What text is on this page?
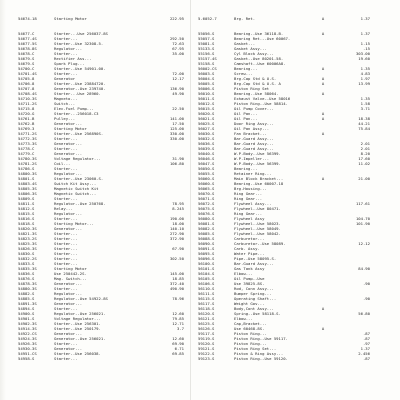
54674-18	Starting Motor	222.95

54677-C	Starter...Use 256037-8S
54677-4S	Starter...	292.50
54677-5S	Starter--Use 32308-5.	72.63
54678-8S	Regulator...	67.95
54678-C	Starter...	35.00
54679-S	Rectifier Ass...
54679-S	Spark Plug...
54700-C	Starter--Use 54901-00.
54701-4S	Starter...	72.00
54705-8	Generator	12.17
54706-8	Starter--Use 23884720.
54707-8	Generator--Use 239740.	136.90
54708-4S	Starter...Use 28960.	49.90
54710-3S	Magneto...
54711-2S	Switch...
54715-8	Elec.Fuel Pump...	22.50
54720-G	Starter...256018-C3
54761-B	Pulley...	141.00
54762-B	Generator...	17.50
54769-3	Starting Motor	125.00
54771-2S	Starter--Use 256890S.	330.00
54772-3S	Starter...	330.00
54773-3S	Generator...
54778-C	Starter...
54779-C	Generator...
54780-3S	Voltage Regulator...	31.90
54781-2S	Coil...	106.80
54786-S	Starter...
54800-3S	Regulator...
54801-S	Starter--Use 23060-S.
54803-4S	Switch Kit Assy...
54805-3S	Magnetic Switch Kit
54806-3S	Magnetic Switch...
54809-S	Starter...
54811-S	Regulator--Use 250768.	78.95
54812-S	Relay...	8.245
54815-S	Regulator...
54816-S	Starter...	190.00
54818-S	Starting Motor...	18.00
54820-3S	Generator...	140.10
54821-3S	Starter...	272.90
54823-2S	Starter...	372.90
54825-3S	Starter...
54826-3S	Starter...	67.90
54830-S	Starter...
54832-2S	Starter...	302.50
54833-S	Starter...
54835-3S	Starting Motor
54836-S	Use 250442-2S.	145.00
54876-S	Mag. Switch...	18.85
54878-3S	Generator...	372.40
54880-3S	Starter...	490.90
54882-S	Regulator...
54885-S	Regulator--Use 54922-8S	78.96
54891-3S	Generator...
54894-S	Starter...
54900-S	Regulator--Use 256021.	12.60
54901-S	Voltage Regulator...	79.85
54902-3S	Starter--Use 256301.	12.71
54914-3S	Starter--Use 250179.	3.7
54922-CS	Generator...
54924-3S	Generator--Use 256021.	12.60
54926-3S	Starter...	69.90
54930-3S	Generator...	6.71
54951-CS	Starter--Use 256038.	69.85
54958-S	Starter...

5.6052-7	Brg. Ret.	A	1.37

55056-S	Bearing--Use 36118-B.	A	1.37
55057-S	Bearing Ret.--Use 60067.
55081-S	Gasket...	1.15
55133-S	Gasket Assy...	.15
55156-S	Cyl Block Assy...	303.00
55157-4S	Gasket--Use 80201-58.	19.60
55158-S	Camshaft--Use 60006A8.
56002-CS	Bearing...	A	1.35
56003-S	Screw...	4.83
56004-S	Brg.Cap Std & U.S.	A	1.97
56005-S	Brg.Cap Std & U.S. A	A	13.99
56006-S	Piston Ring Set
56010-S	Bearing--Use 58064.	A
56011-S	Exhaust Valve--Use 58016	1.35
56012-S	Piston Ring--Use 58814.	1.58
56015-S	Oil Pump Cover...	3.71
56020-S	Oil Pan...	A
56021-S	Oil Pan...	A	18.38
56025-S	Door Ring Assy...	44.21
56027-S	Oil Pan Assy...	75.84
56030-S	Fan Bracket...	A
56032-S	Bar.Guard Assy...
56036-S	Bar.Guard Assy...	2.01
56039-S	Bar.Guard Assy...	2.01
56040-S	W.P.Body--Use 56399.	8.20
56046-S	W.P.Impeller...	17.60
56047-S	W.P.Body--Use 56399.	11.02
56050-S	Bearing...
56055-S	Retainer Ring...
56060-S	Main Block Bracket...	A	21.00
56060-S	Bearing--Use 60007-18
56065-S	Brg.Housing...
56070-S	Ring Gear...
56071-S	Ring Gear...
56072-S	Flywheel Assy...	117.61
56075-S	Flywheel--Use 80471.
56076-S	Ring Gear...
56080-S	Flywheel Assy	104.70
56081-S	Flywheel--Use 58023.	101.90
56082-S	Flywheel--Use 58049.
56085-S	Flywheel--Use 58042.
56088-S	Carburetor...
56090-S	Carburetor--Use 58089.	12.12
56091-S	Carb. Assy.
56095-S	Water Pipe...
56096-S	Pipe--Use 58095-S.
56100-S	Bar.Guard Assy...
56101-S	Gas Tank Assy	84.90
56104-S	Elbow...
56105-S	Oil Pump--Use
56106-S	Use 39825-8S.	.90
56110-S	Rod, Conn Assy...
56111-S	Bumper Spring...
56115-S	Operating Shaft...	.90
56117-S	Weight Gov...
56118-S	Body,Cont Assy...	A
56120-S	Spring--Use 58118-S.	56.80
56121-S	Elbow...
56125-S	Cap,Bracket...
56126-S	Use 60468-8S.	A
59117-S	Piston Ring...	.87
59119-S	Piston Ring--Use 59117.	.87
59120-S	Piston Ring...	.97
59121-S	Piston Ring Set...	1.37
59122-S	Piston & Ring Assy...	2.456
59123-S	Piston Ring--Use 59120.	.87
